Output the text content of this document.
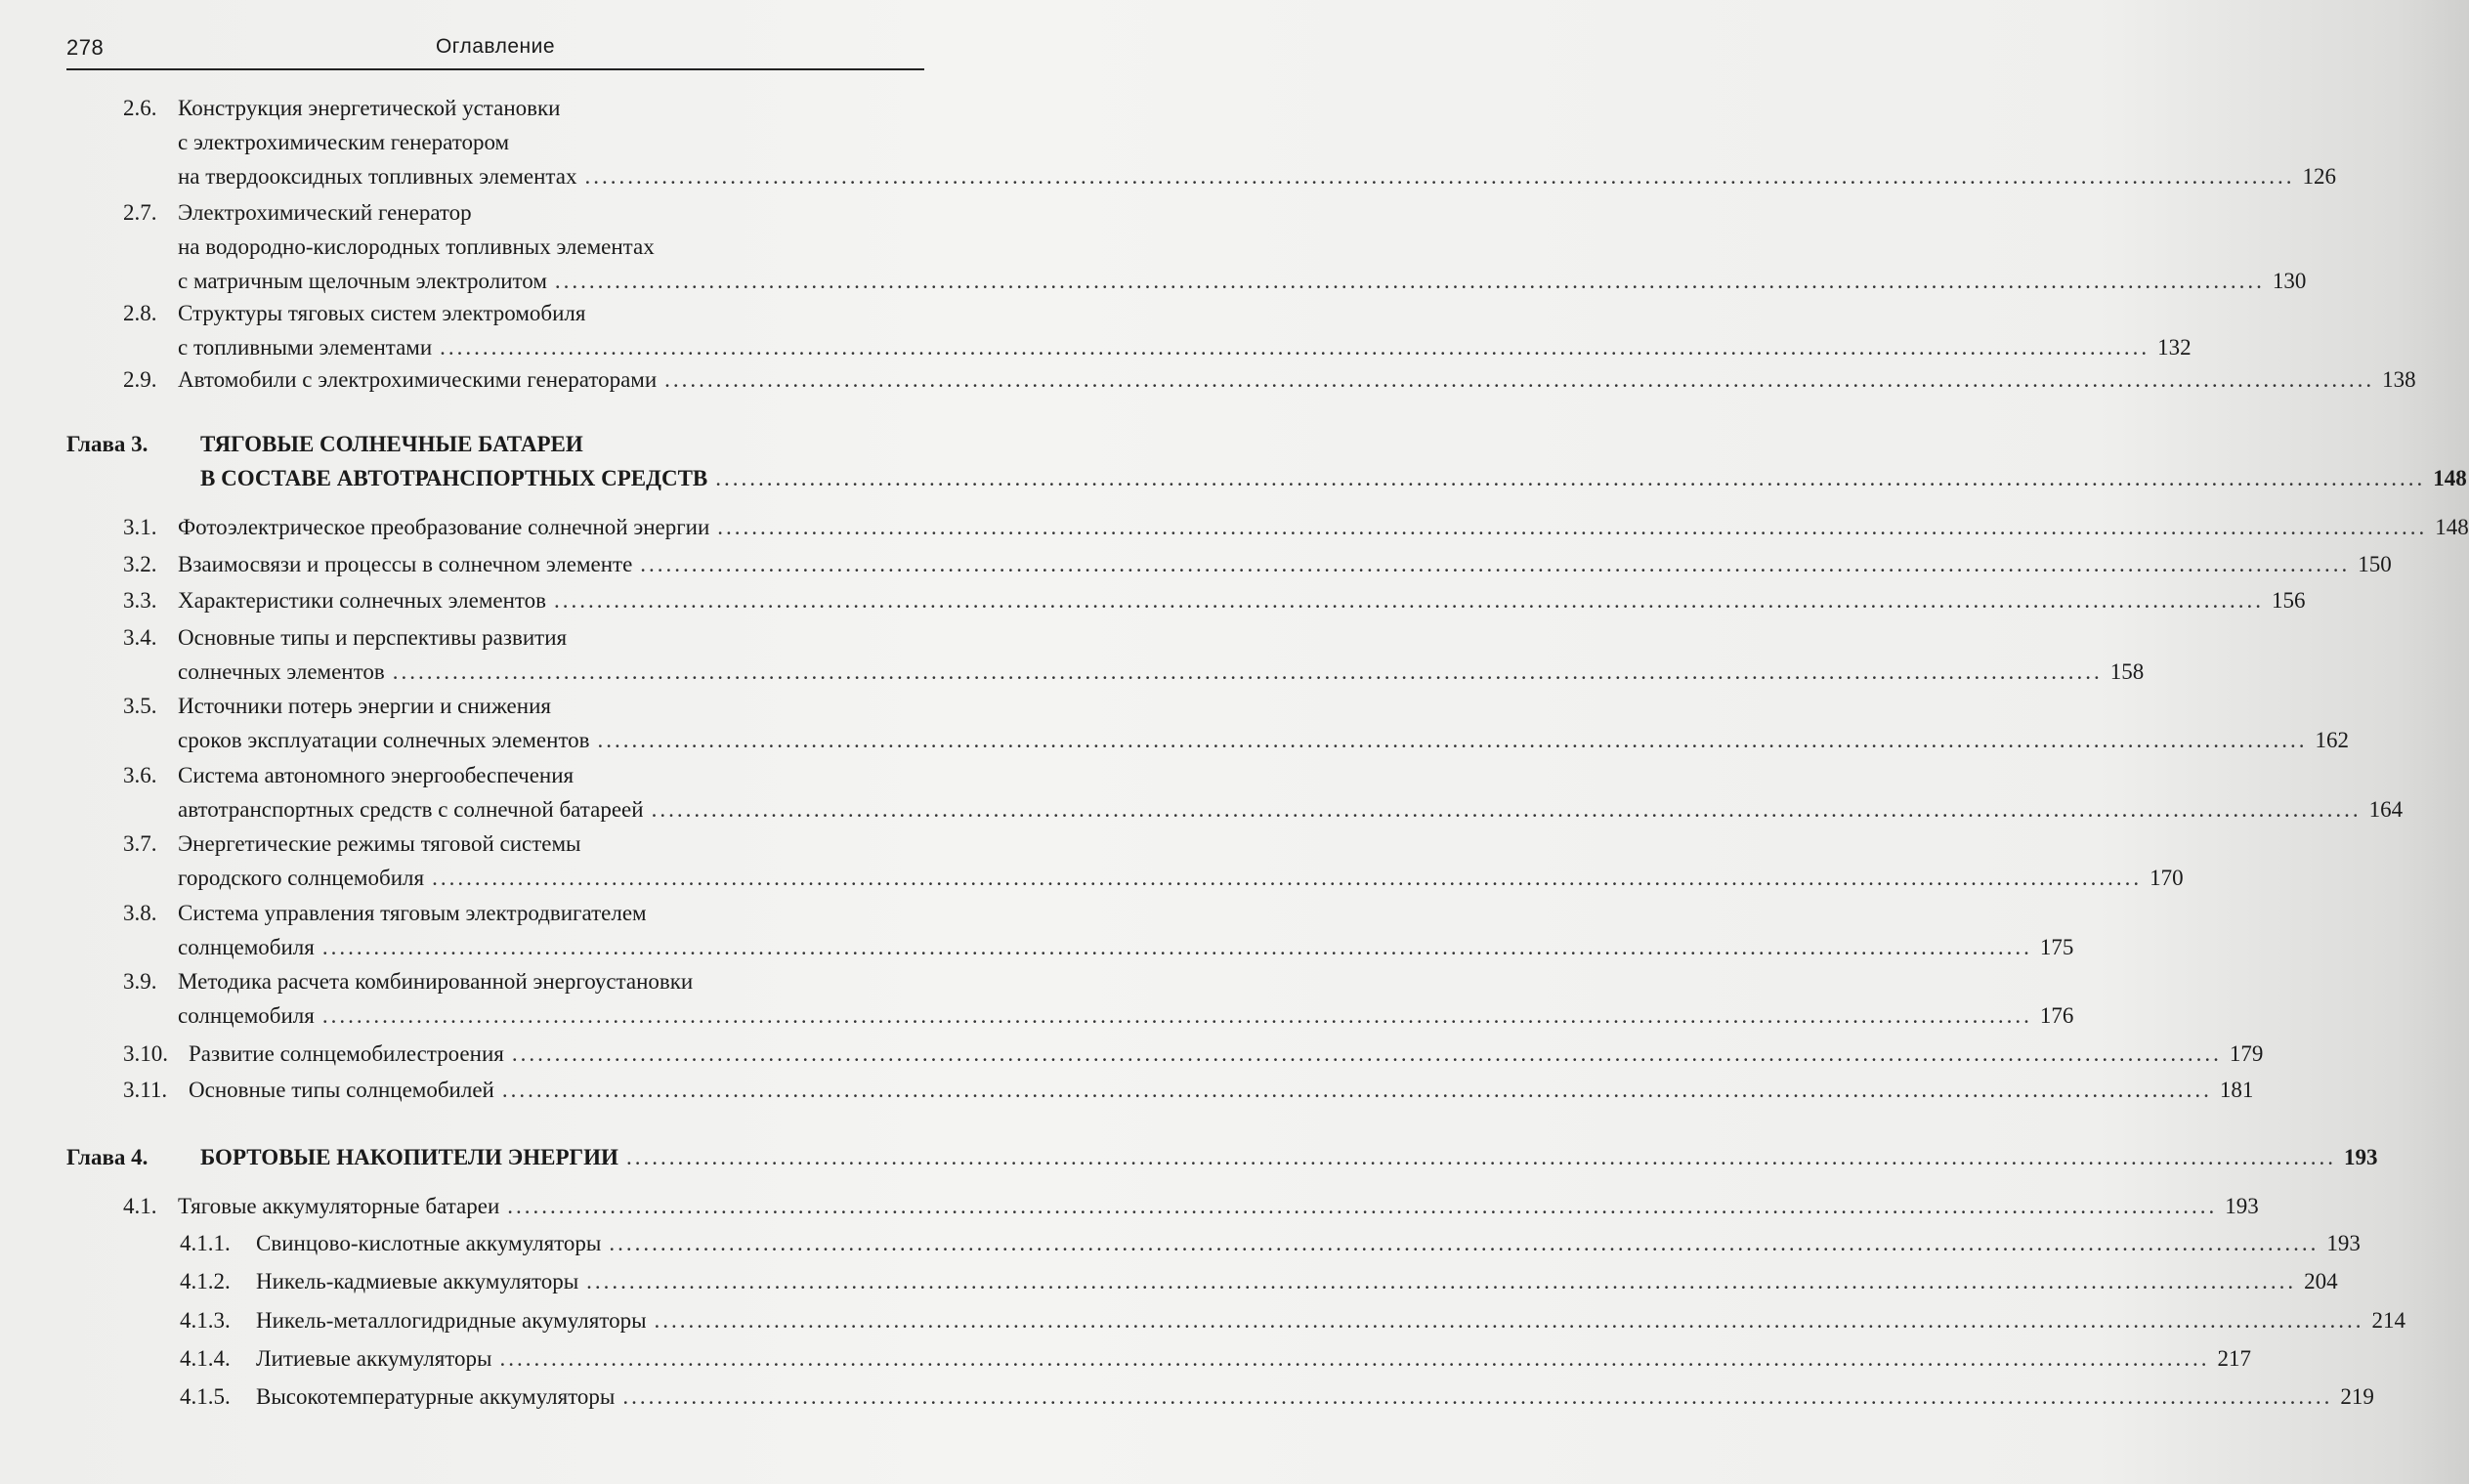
278	Оглавление
2.6. Конструкция энергетической установки
с электрохимическим генератором
на твердооксидных топливных элементах ........................................................................................................................................................................................................ 126
2.7. Электрохимический генератор
на водородно-кислородных топливных элементах
с матричным щелочным электролитом ........................................................................................................................................................................................................ 130
2.8. Структуры тяговых систем электромобиля
с топливными элементами ........................................................................................................................................................................................................ 132
2.9. Автомобили с электрохимическими генераторами ........................................................................................................................................................................................................ 138
Глава 3. ТЯГОВЫЕ СОЛНЕЧНЫЕ БАТАРЕИ
В СОСТАВЕ АВТОТРАНСПОРТНЫХ СРЕДСТВ ........................................................................................................................................................................................................ 148
3.1. Фотоэлектрическое преобразование солнечной энергии ........................................................................................................................................................................................................ 148
3.2. Взаимосвязи и процессы в солнечном элементе ........................................................................................................................................................................................................ 150
3.3. Характеристики солнечных элементов ........................................................................................................................................................................................................ 156
3.4. Основные типы и перспективы развития
солнечных элементов ........................................................................................................................................................................................................ 158
3.5. Источники потерь энергии и снижения
сроков эксплуатации солнечных элементов ........................................................................................................................................................................................................ 162
3.6. Система автономного энергообеспечения
автотранспортных средств с солнечной батареей ........................................................................................................................................................................................................ 164
3.7. Энергетические режимы тяговой системы
городского солнцемобиля ........................................................................................................................................................................................................ 170
3.8. Система управления тяговым электродвигателем
солнцемобиля ........................................................................................................................................................................................................ 175
3.9. Методика расчета комбинированной энергоустановки
солнцемобиля ........................................................................................................................................................................................................ 176
3.10. Развитие солнцемобилестроения ........................................................................................................................................................................................................ 179
3.11. Основные типы солнцемобилей ........................................................................................................................................................................................................ 181
Глава 4. БОРТОВЫЕ НАКОПИТЕЛИ ЭНЕРГИИ ........................................................................................................................................................................................................ 193
4.1. Тяговые аккумуляторные батареи ........................................................................................................................................................................................................ 193
4.1.1. Свинцово-кислотные аккумуляторы ........................................................................................................................................................................................................ 193
4.1.2. Никель-кадмиевые аккумуляторы ........................................................................................................................................................................................................ 204
4.1.3. Никель-металлогидридные акумуляторы ........................................................................................................................................................................................................ 214
4.1.4. Литиевые аккумуляторы ........................................................................................................................................................................................................ 217
4.1.5. Высокотемпературные аккумуляторы ........................................................................................................................................................................................................ 219
